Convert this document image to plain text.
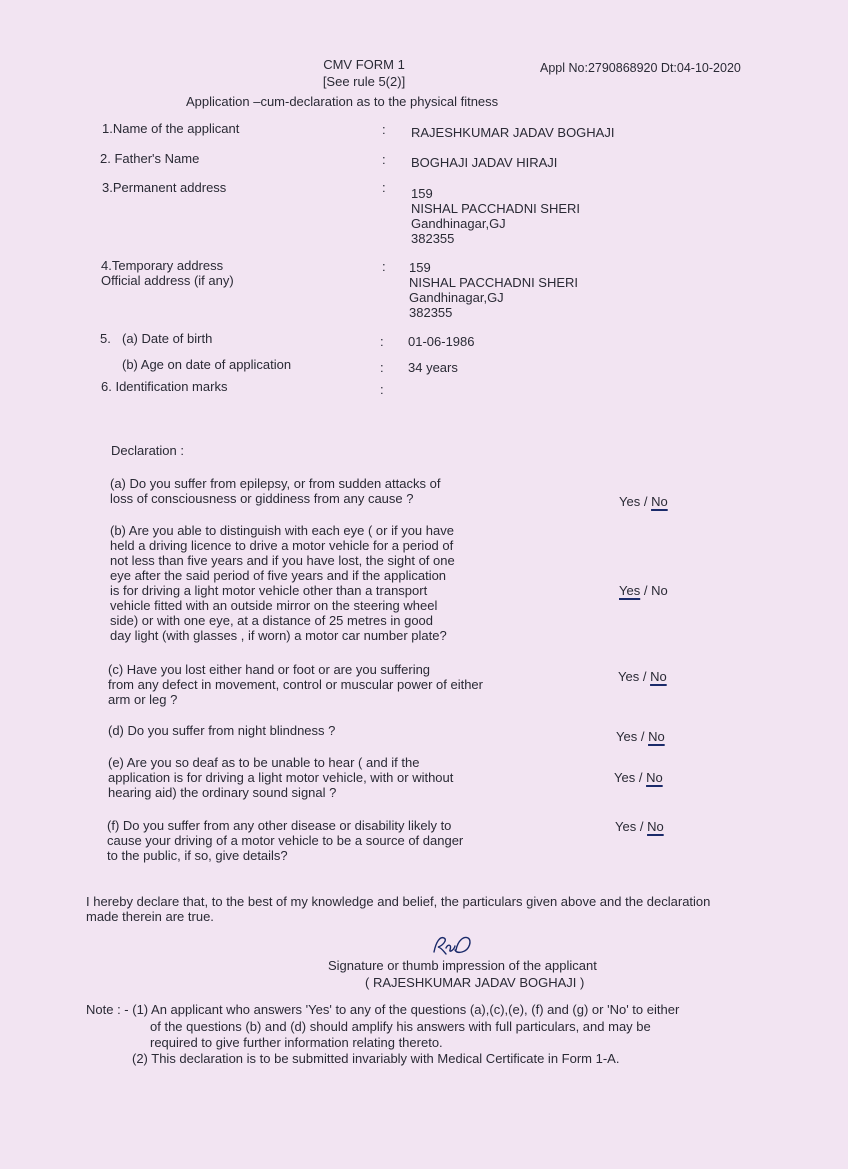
CMV FORM 1
[See rule 5(2)]
Application –cum-declaration as to the physical fitness
Appl No:2790868920 Dt:04-10-2020
1.Name of the applicant	: RAJESHKUMAR JADAV BOGHAJI
2. Father's Name	: BOGHAJI JADAV HIRAJI
3.Permanent address	: 159
NISHAL PACCHADNI SHERI
Gandhinagar,GJ
382355
4.Temporary address
Official address (if any)
: 159
NISHAL PACCHADNI SHERI
Gandhinagar,GJ
382355
5. (a) Date of birth	: 01-06-1986
(b) Age on date of application	: 34 years
6. Identification marks	:
Declaration :
(a) Do you suffer from epilepsy, or from sudden attacks of
loss of consciousness or giddiness from any cause ?	Yes / No
(b) Are you able to distinguish with each eye ( or if you have
held a driving licence to drive a motor vehicle for a period of
not less than five years and if you have lost, the sight of one
eye after the said period of five years and if the application
is for driving a light motor vehicle other than a transport
vehicle fitted with an outside mirror on the steering wheel
side) or with one eye, at a distance of 25 metres in good
day light (with glasses , if worn) a motor car number plate?
Yes / No
(c) Have you lost either hand or foot or are you suffering
from any defect in movement, control or muscular power of either
arm or leg ?
Yes / No
(d) Do you suffer from night blindness ?	Yes / No
(e) Are you so deaf as to be unable to hear ( and if the
application is for driving a light motor vehicle, with or without
hearing aid) the ordinary sound signal ?
Yes / No
(f) Do you suffer from any other disease or disability likely to
cause your driving of a motor vehicle to be a source of danger
to the public, if so, give details?
Yes / No
I hereby declare that, to the best of my knowledge and belief, the particulars given above and the declaration
made therein are true.
Signature or thumb impression of the applicant
( RAJESHKUMAR JADAV BOGHAJI )
Note : - (1) An applicant who answers 'Yes' to any of the questions (a),(c),(e), (f) and (g) or 'No' to either
of the questions (b) and (d) should amplify his answers with full particulars, and may be
required to give further information relating thereto.
(2) This declaration is to be submitted invariably with Medical Certificate in Form 1-A.
